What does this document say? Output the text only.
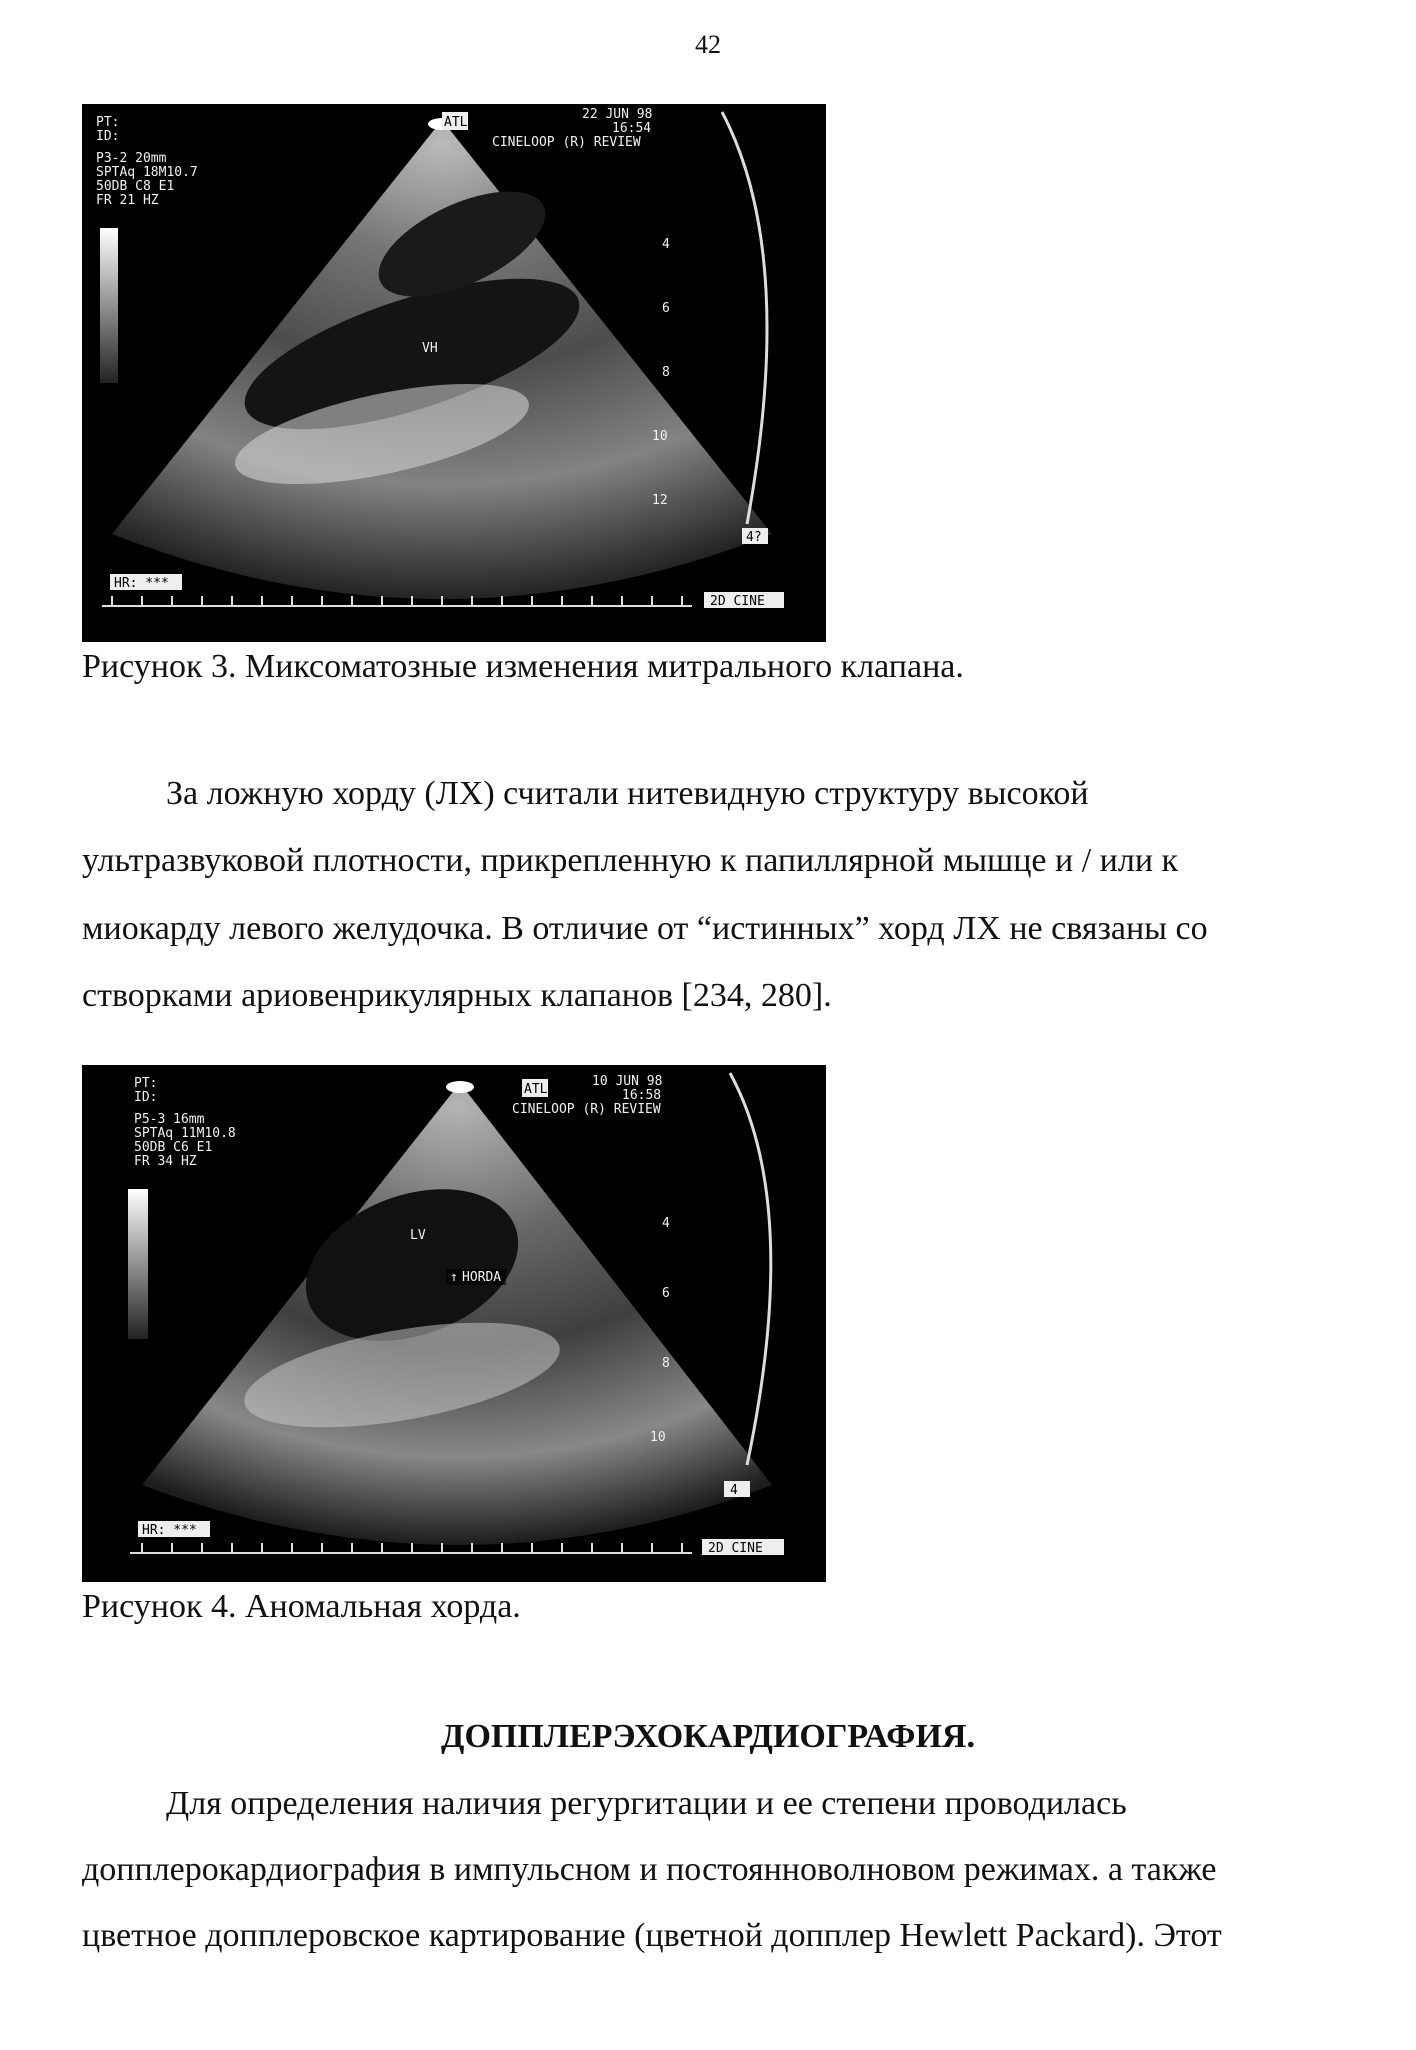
42
ATL
PT:
ID:
P3-2 20mm
SPTAq 18M10.7
50DB C8 E1
FR 21 HZ
22 JUN 98
16:54
CINELOOP (R) REVIEW
VH
4
6
8
10
12
4?
HR: ***
2D CINE
Рисунок 3. Миксоматозные изменения митрального клапана.
За ложную хорду (ЛХ) считали нитевидную структуру высокой
ультразвуковой плотности, прикрепленную к папиллярной мышце и / или к
миокарду левого желудочка. В отличие от “истинных” хорд ЛХ не связаны со
створками ариовенрикулярных клапанов [234, 280].
ATL
PT:
ID:
P5-3 16mm
SPTAq 11M10.8
50DB C6 E1
FR 34 HZ
10 JUN 98
16:58
CINELOOP (R) REVIEW
LV
↑ HORDA
4
6
8
10
4
HR: ***
2D CINE
Рисунок 4. Аномальная хорда.
ДОППЛЕРЭХОКАРДИОГРАФИЯ.
Для определения наличия регургитации и ее степени проводилась
допплерокардиография в импульсном и постоянноволновом режимах. а также
цветное допплеровское картирование (цветной допплер Hewlett Packard). Этот
